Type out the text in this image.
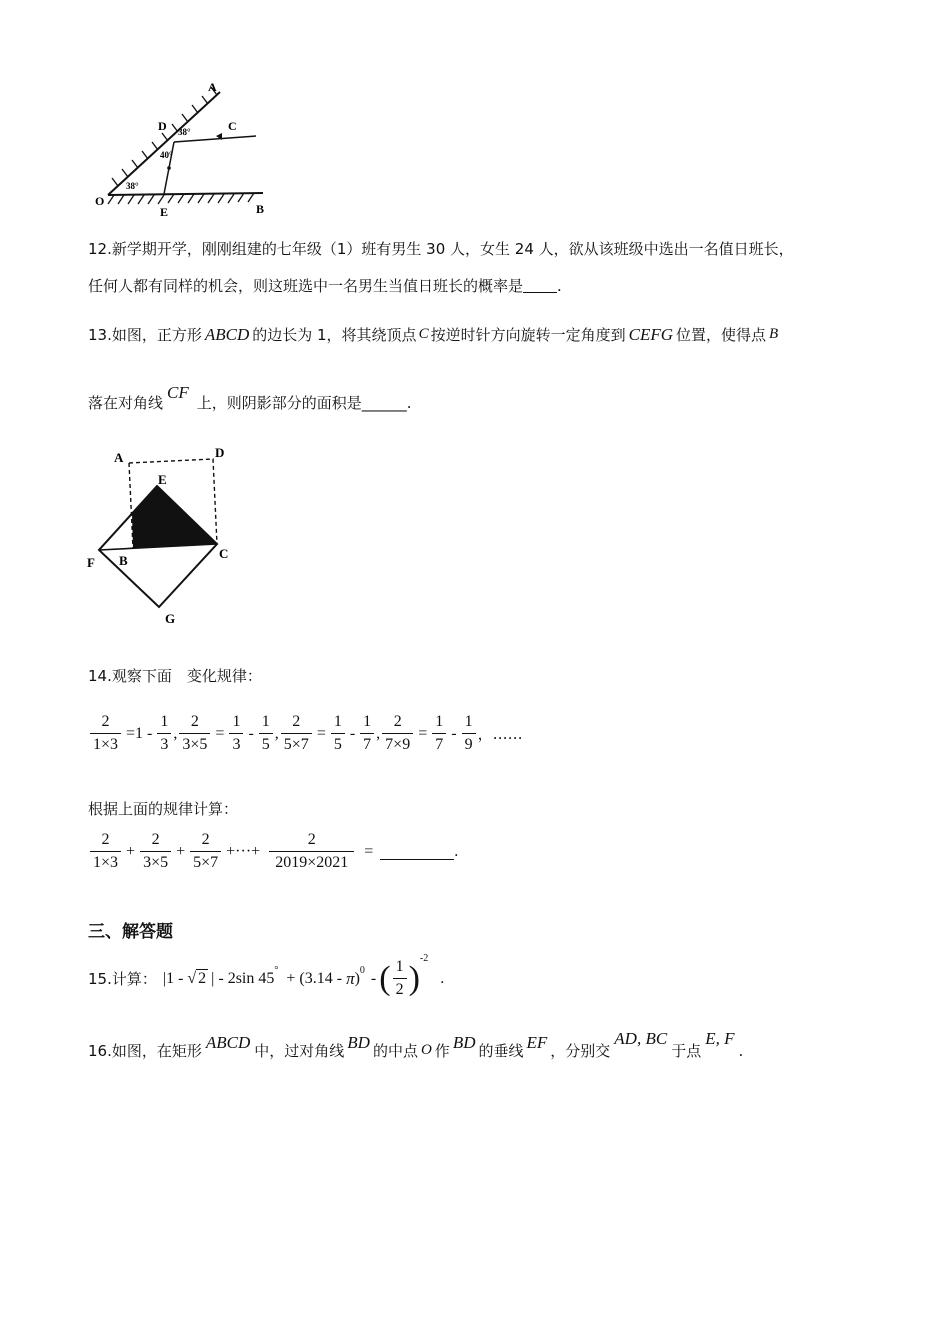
A
D	C
O
E	B
38°
40°
38°
12.新学期开学，刚刚组建的七年级（1）班有男生 30 人，女生 24 人，欲从该班级中选出一名值日班长，
任何人都有同样的机会，则这班选中一名男生当值日班长的概率是 .
13.如图，正方形 ABCD 的边长为 1，将其绕顶点 C 按逆时针方向旋转一定角度到 CEFG 位置，使得点 B
落在对角线
CF
上，则阴影部分的面积是______.
A	D
E
F B	C
G
14.观察下面　变化规律：
$\frac{2}{1\times 3} =1 - \frac{1}{3}$ , $\frac{2}{3\times 5} = \frac{1}{3} - \frac{1}{5}$ , $\frac{2}{5\times 7} = \frac{1}{5} - \frac{1}{7}$ , $\frac{2}{7\times 9} = \frac{1}{7} - \frac{1}{9}$ ，……
根据上面的规律计算：
$\frac{2}{1\times 3} + \frac{2}{3\times 5} + \frac{2}{5\times 7}$ +···+ $\frac{2}{2019\times 2021}$ =	.
三、解答题
15.计算： |1 - √ 2 | - 2sin 45 ° + (3.14 - π ) 0 - ( $\frac{1}{2}$ )
-2
.
16.如图，在矩形 ABCD 中，过对角线 BD 的中点 O 作 BD 的垂线 EF ，分别交
AD, BC
于点
E, F
.
